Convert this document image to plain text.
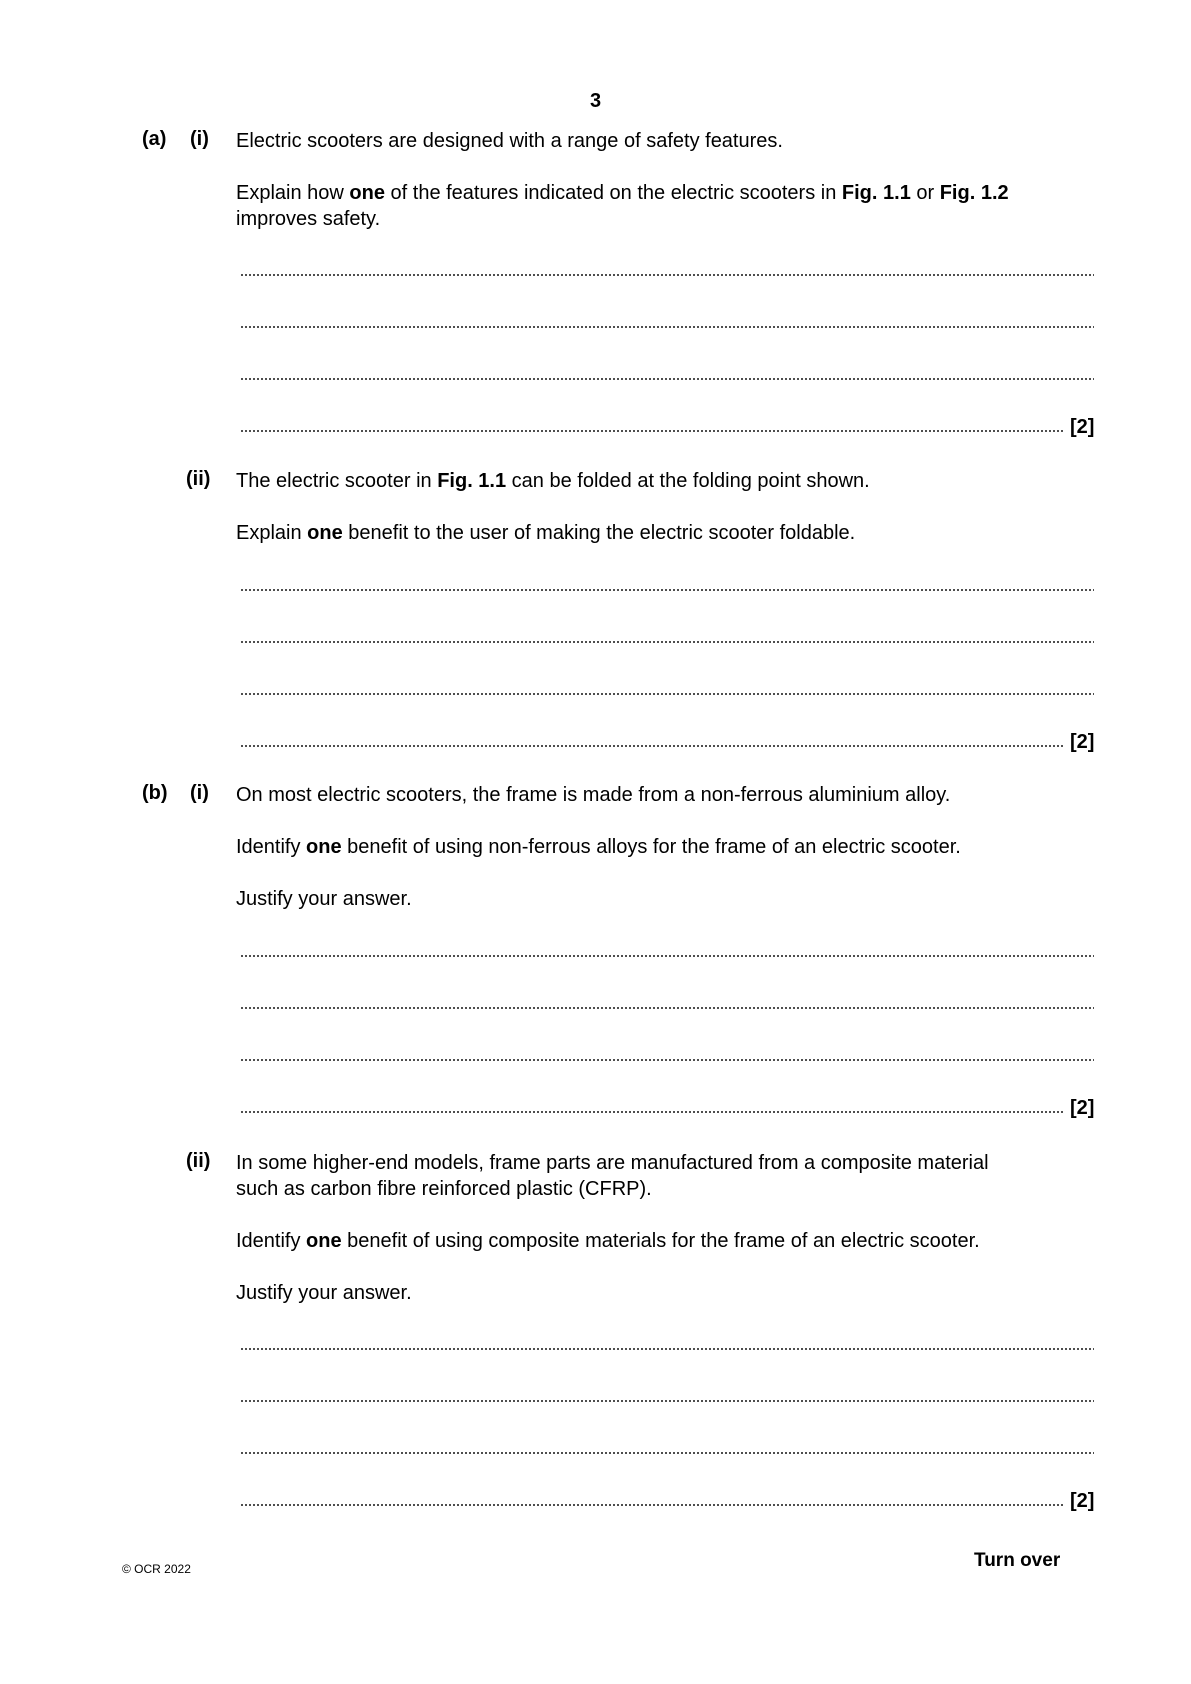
3
(a) (i) Electric scooters are designed with a range of safety features.
Explain how one of the features indicated on the electric scooters in Fig. 1.1 or Fig. 1.2
improves safety.
[2]
(ii) The electric scooter in Fig. 1.1 can be folded at the folding point shown.
Explain one benefit to the user of making the electric scooter foldable.
[2]
(b) (i) On most electric scooters, the frame is made from a non-ferrous aluminium alloy.
Identify one benefit of using non-ferrous alloys for the frame of an electric scooter.
Justify your answer.
[2]
(ii) In some higher-end models, frame parts are manufactured from a composite material
such as carbon fibre reinforced plastic (CFRP).
Identify one benefit of using composite materials for the frame of an electric scooter.
Justify your answer.
[2]
© OCR 2022	Turn over
